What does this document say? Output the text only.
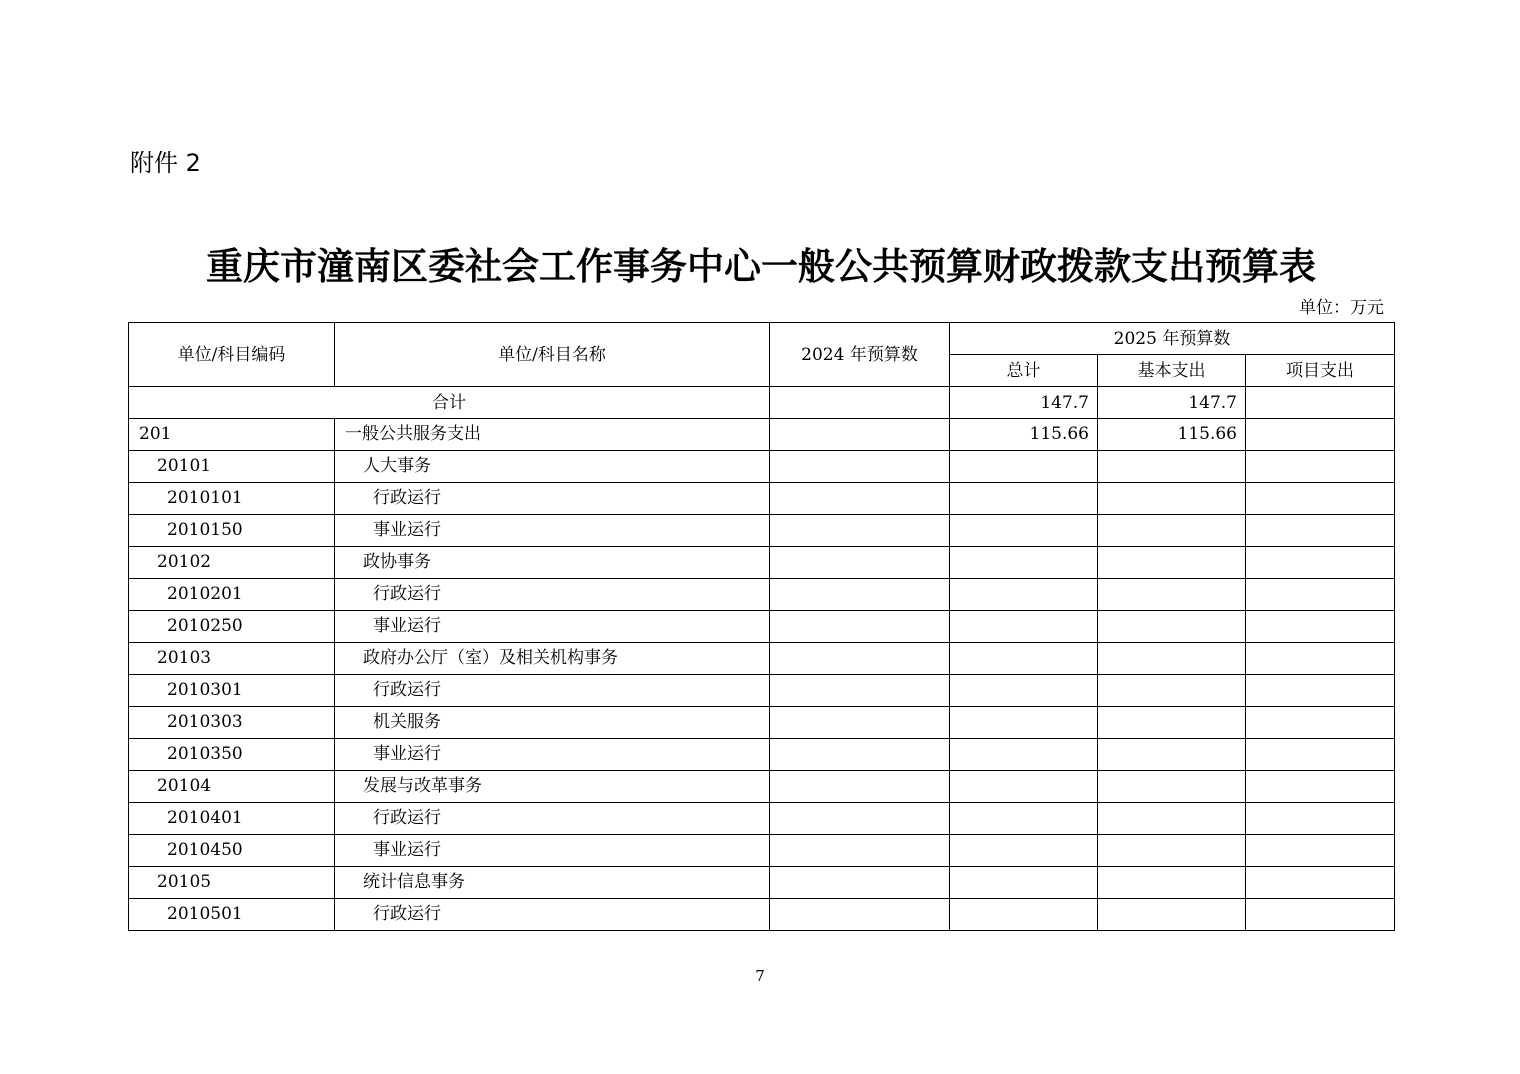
附件 2
重庆市潼南区委社会工作事务中心一般公共预算财政拨款支出预算表
单位：万元
单位/科目编码	单位/科目名称	2024 年预算数	2025 年预算数		
			总计	基本支出	项目支出
合计			147.7	147.7	
201	一般公共服务支出		115.66	115.66	
20101	人大事务				
2010101	行政运行				
2010150	事业运行				
20102	政协事务				
2010201	行政运行				
2010250	事业运行				
20103	政府办公厅（室）及相关机构事务				
2010301	行政运行				
2010303	机关服务				
2010350	事业运行				
20104	发展与改革事务				
2010401	行政运行				
2010450	事业运行				
20105	统计信息事务				
2010501	行政运行				
7
